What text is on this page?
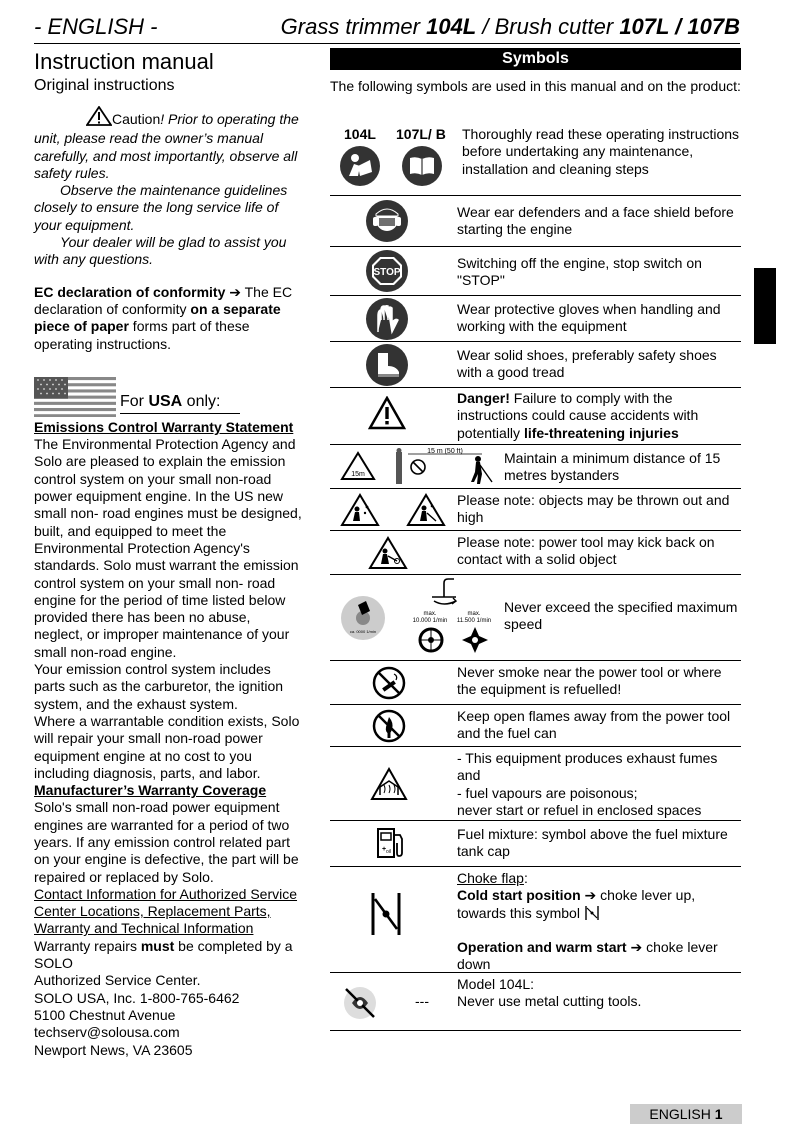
- ENGLISH -	Grass trimmer 104L / Brush cutter 107L / 107B
Instruction manual
Original instructions
Caution! Prior to operating the unit, please read the owner’s manual carefully, and most importantly, observe all safety rules.
Observe the maintenance guidelines closely to ensure the long service life of your equipment.
Your dealer will be glad to assist you with any questions.
EC declaration of conformity ➔ The EC declaration of conformity on a separate piece of paper forms part of these operating instructions.
For USA only:
Emissions Control Warranty Statement
The Environmental Protection Agency and Solo are pleased to explain the emission control system on your small non-road power equipment engine. In the US new small non- road engines must be designed, built, and equipped to meet the Environmental Protection Agency's standards. Solo must warrant the emission control system on your small non- road engine for the period of time listed below provided there has been no abuse, neglect, or improper maintenance of your small non-road engine.
Your emission control system includes parts such as the carburetor, the ignition system, and the exhaust system.
Where a warrantable condition exists, Solo will repair your small non-road power equipment engine at no cost to you including diagnosis, parts, and labor.
Manufacturer’s Warranty Coverage
Solo's small non-road power equipment engines are warranted for a period of two years. If any emission control related part on your engine is defective, the part will be repaired or replaced by Solo.
Contact Information for Authorized Service Center Locations, Replacement Parts, Warranty and Technical Information
Warranty repairs must be completed by a SOLO
Authorized Service Center.
SOLO USA, Inc. 1-800-765-6462
5100 Chestnut Avenue
techserv@solousa.com
Newport News, VA 23605
Symbols
The following symbols are used in this manual and on the product:
104L 107L/ B Thoroughly read these operating instructions before undertaking any maintenance, installation and cleaning steps
Wear ear defenders and a face shield before starting the engine
STOP
Switching off the engine, stop switch on "STOP"
Wear protective gloves when handling and working with the equipment
Wear solid shoes, preferably safety shoes with a good tread
Danger! Failure to comply with the instructions could cause accidents with potentially life-threatening injuries
15m
15 m (50 ft)	Maintain a minimum distance of 15 metres bystanders
Please note: objects may be thrown out and high
Please note: power tool may kick back on contact with a solid object
ca. 0000 1/min
max.
10.000 1/min
max.
11.500 1/min
Never exceed the specified maximum speed
Never smoke near the power tool or where the equipment is refuelled!
Keep open flames away from the power tool and the fuel can
- This equipment produces exhaust fumes and
- fuel vapours are poisonous;
never start or refuel in enclosed spaces
+ oil
Fuel mixture: symbol above the fuel mixture tank cap
Choke flap:
Cold start position ➔ choke lever up, towards this symbol
Operation and warm start ➔ choke lever down
---
Model 104L:
Never use metal cutting tools.
ENGLISH 1
